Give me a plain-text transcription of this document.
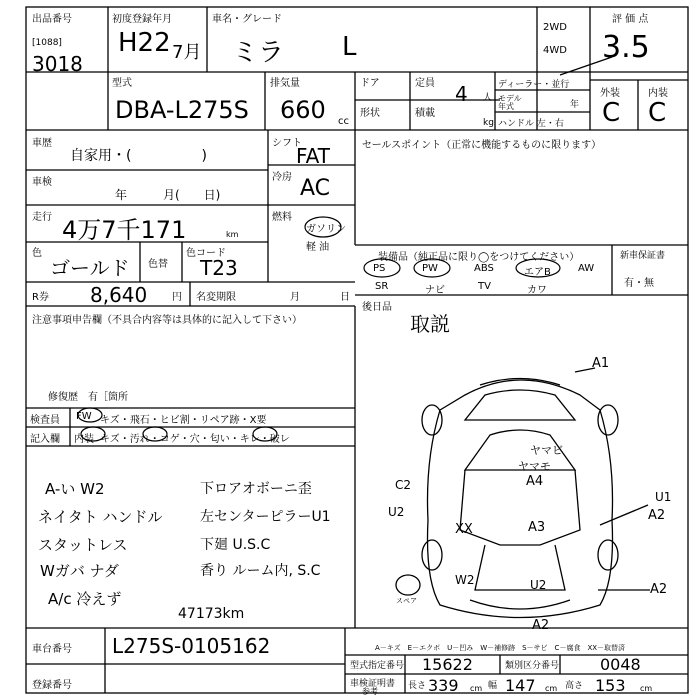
出品番号
[1088]
3018
初度登録年月
H22 7月
車名・グレード
ミラ L
2WD
4WD
評 価 点
3.5
外装	内装
C C
型式
DBA-L275S
排気量
660 cc
ドア	定員 4 人
形状	積載
kg
ディーラー・並行
モデル年式	年
ハンドル 左・右
車歴
自家用・(　　　　　)
車検
年　　　月(　　日)
走行 4万7千171	km
色
ゴールド 色替
色コード
T23
R券 8,640 円 名変期限	月	日
シフト
FAT
冷房 AC
燃料
ガソリン
軽 油
セールスポイント（正常に機能するものに限ります）
装備品（純正品に限り◯をつけてください）
PS	PW	ABS	エアB	AW
SR	ナビ	TV	カワ
新車保証書
有・無
後日品
取説
注意事項申告欄（不具合内容等は具体的に記入して下さい）
修復歴　有［箇所
検査員
記入欄
FW キズ・飛石・ヒビ割・リペア跡・X要
内装 キズ・汚れ・コゲ・穴・匂い・キレ・破レ
A-い W2
ネイタト ハンドル
スタットレス
Wガバ ナダ
A/c 冷えず
下ロアオボーニ歪
左センターピラーU1
下廻 U.S.C
香り ルーム内, S.C
47173km
A1
C2
U2
U1
A2
XX	A3
W2	U2	A2
A2
ヤマビ
ヤマモ
A4
スペア
車台番号 L275S-0105162
登録番号
A－キズ　E－エクボ　U－凹み　W－補修跡　S－サビ　C－腐食　XX－取替済
型式指定番号 15622	類別区分番号	0048
車検証明書
参考
長さ 339 cm 幅 147 cm 高さ 153 cm
